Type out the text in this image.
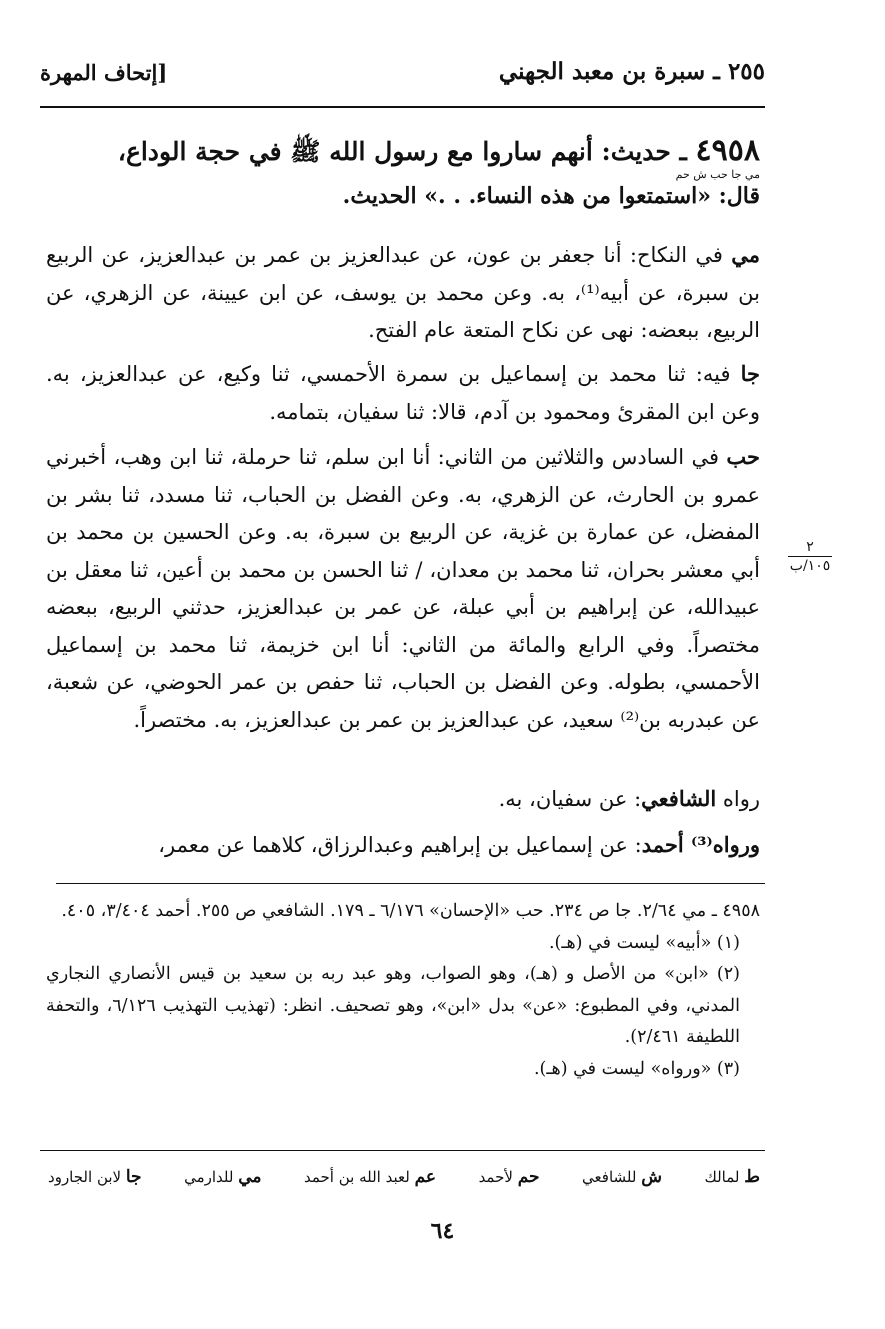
٢٥٥ ـ سبرة بن معبد الجهني
[إتحاف المهرة
٤٩٥٨ ـ حديث: أنهم ساروا مع رسول الله ﷺ في حجة الوداع،
مي جا حب ش حم
قال: «استمتعوا من هذه النساء. . .» الحديث.

مي في النكاح: أنا جعفر بن عون، عن عبدالعزيز بن عمر بن عبدالعزيز، عن الربيع بن سبرة، عن أبيه⁽¹⁾، به. وعن محمد بن يوسف، عن ابن عيينة، عن الزهري، عن الربيع، ببعضه: نهى عن نكاح المتعة عام الفتح.

جا فيه: ثنا محمد بن إسماعيل بن سمرة الأحمسي، ثنا وكيع، عن عبدالعزيز، به. وعن ابن المقرئ ومحمود بن آدم، قالا: ثنا سفيان، بتمامه.

حب في السادس والثلاثين من الثاني: أنا ابن سلم، ثنا حرملة، ثنا ابن وهب، أخبرني عمرو بن الحارث، عن الزهري، به. وعن الفضل بن الحباب، ثنا مسدد، ثنا بشر بن المفضل، عن عمارة بن غزية، عن الربيع بن سبرة، به. وعن الحسين بن محمد بن أبي معشر بحران، ثنا محمد بن معدان، / ثنا الحسن بن محمد بن أعين، ثنا معقل بن عبيدالله، عن إبراهيم بن أبي عبلة، عن عمر بن عبدالعزيز، حدثني الربيع، ببعضه مختصراً. وفي الرابع والمائة من الثاني: أنا ابن خزيمة، ثنا محمد بن إسماعيل الأحمسي، بطوله. وعن الفضل بن الحباب، ثنا حفص بن عمر الحوضي، عن شعبة، عن عبدربه بن⁽²⁾ سعيد، عن عبدالعزيز بن عمر بن عبدالعزيز، به. مختصراً.

رواه الشافعي: عن سفيان، به.

ورواه⁽³⁾ أحمد: عن إسماعيل بن إبراهيم وعبدالرزاق، كلاهما عن معمر،

٢
١٠٥/ب

٤٩٥٨ ـ مي ٢/٦٤. جا ص ٢٣٤. حب «الإحسان» ٦/١٧٦ ـ ١٧٩. الشافعي ص ٢٥٥. أحمد ٣/٤٠٤، ٤٠٥.

(١) «أبيه» ليست في (هـ).

(٢) «ابن» من الأصل و (هـ)، وهو الصواب، وهو عبد ربه بن سعيد بن قيس الأنصاري النجاري المدني، وفي المطبوع: «عن» بدل «ابن»، وهو تصحيف. انظر: (تهذيب التهذيب ٦/١٢٦، والتحفة اللطيفة ٢/٤٦١).

(٣) «ورواه» ليست في (هـ).

ط لمالك
ش للشافعي
حم لأحمد
عم لعبد الله بن أحمد
مي للدارمي
جا لابن الجارود
٦٤
